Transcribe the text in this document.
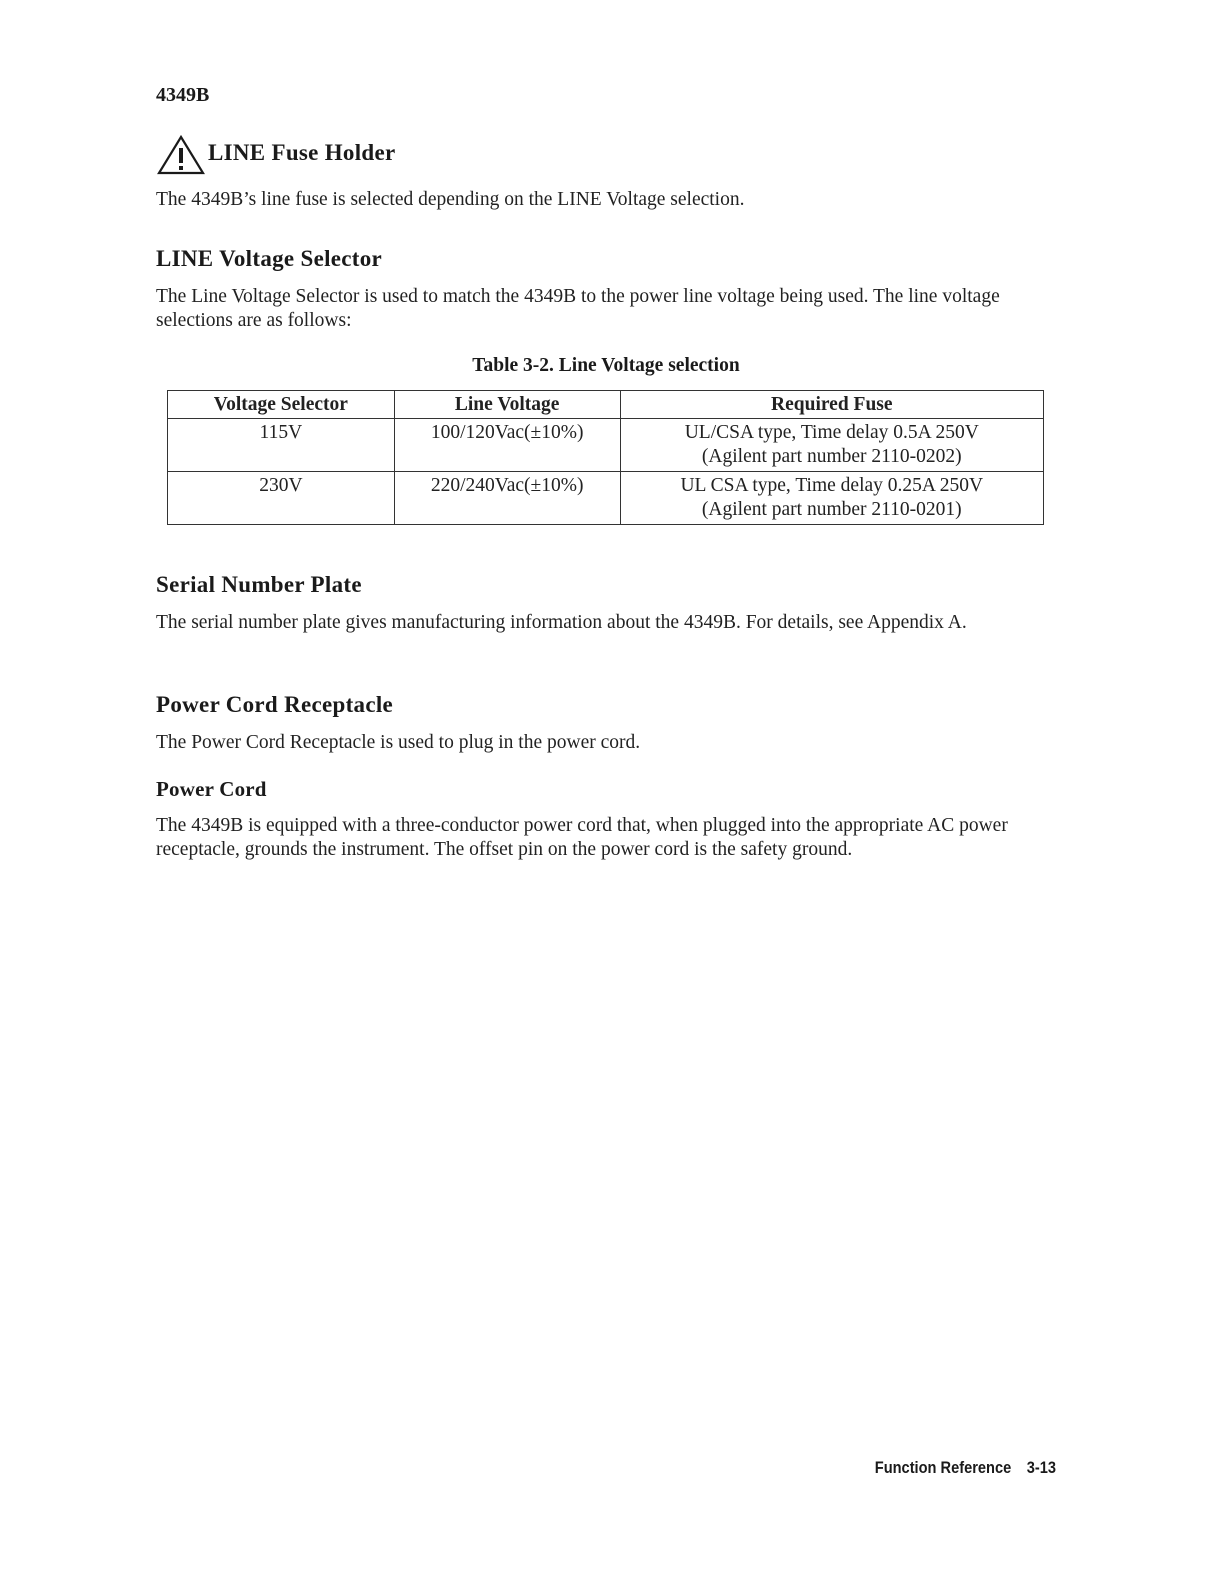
4349B
LINE Fuse Holder

The 4349B’s line fuse is selected depending on the LINE Voltage selection.

LINE Voltage Selector

The Line Voltage Selector is used to match the 4349B to the power line voltage being used. The line voltage selections are as follows:

Table 3-2. Line Voltage selection
Voltage Selector	Line Voltage	Required Fuse
115V	100/120Vac(±10%)	UL/CSA type, Time delay 0.5A 250V
(Agilent part number 2110-0202)

230V	220/240Vac(±10%)	UL CSA type, Time delay 0.25A 250V
(Agilent part number 2110-0201)
Serial Number Plate

The serial number plate gives manufacturing information about the 4349B. For details, see Appendix A.

Power Cord Receptacle

The Power Cord Receptacle is used to plug in the power cord.

Power Cord

The 4349B is equipped with a three-conductor power cord that, when plugged into the appropriate AC power receptacle, grounds the instrument. The offset pin on the power cord is the safety ground.

Function Reference 3-13
